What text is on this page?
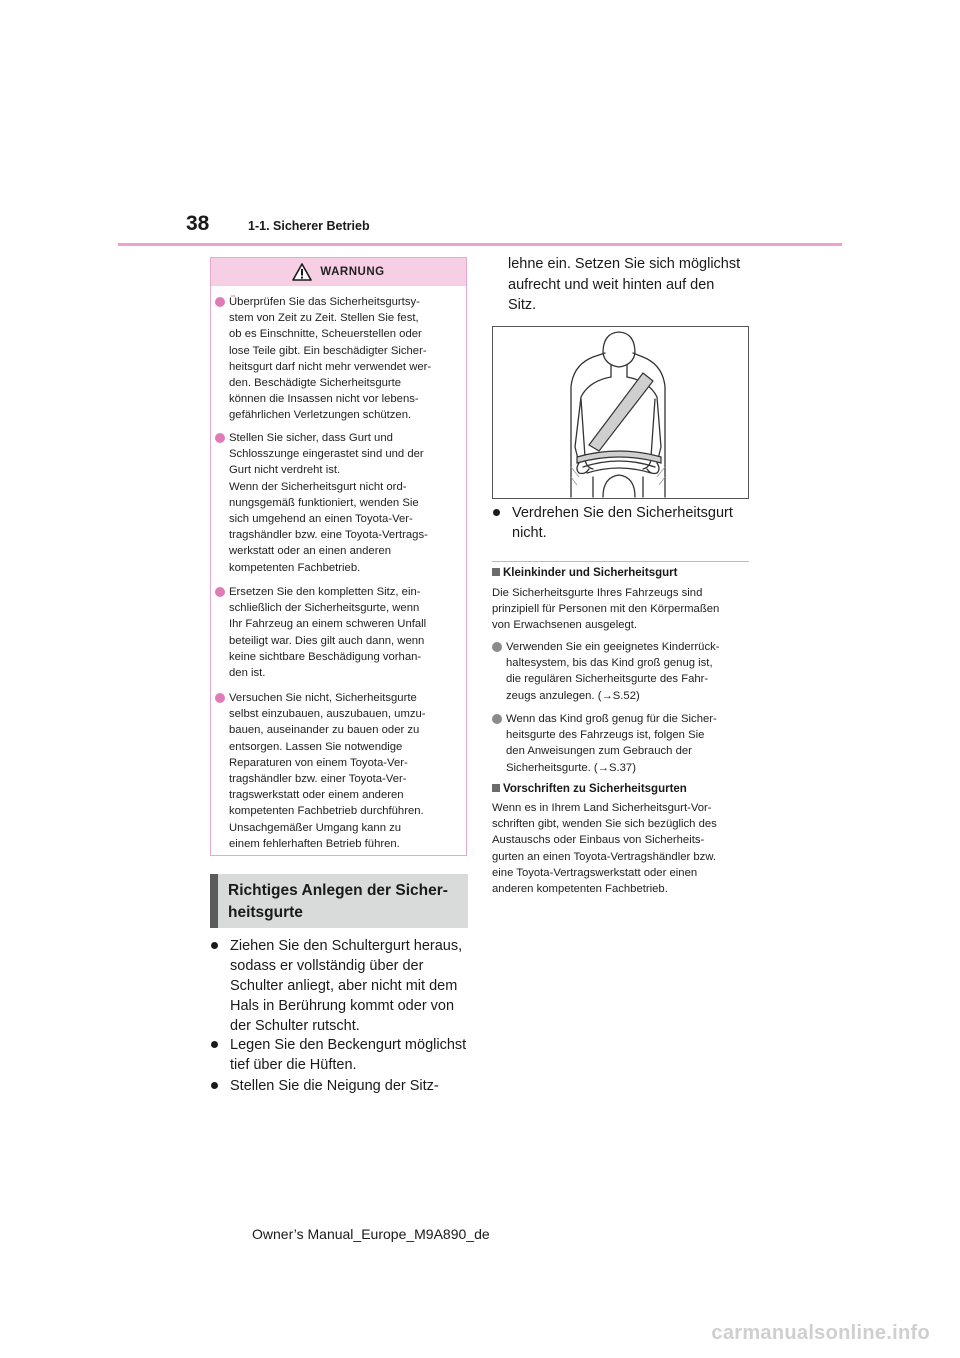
38	1-1. Sicherer Betrieb
WARNUNG

Überprüfen Sie das Sicherheitsgurtsy-
stem von Zeit zu Zeit. Stellen Sie fest,
ob es Einschnitte, Scheuerstellen oder
lose Teile gibt. Ein beschädigter Sicher-
heitsgurt darf nicht mehr verwendet wer-
den. Beschädigte Sicherheitsgurte
können die Insassen nicht vor lebens-
gefährlichen Verletzungen schützen.

Stellen Sie sicher, dass Gurt und
Schlosszunge eingerastet sind und der
Gurt nicht verdreht ist.
Wenn der Sicherheitsgurt nicht ord-
nungsgemäß funktioniert, wenden Sie
sich umgehend an einen Toyota-Ver-
tragshändler bzw. eine Toyota-Vertrags-
werkstatt oder an einen anderen
kompetenten Fachbetrieb.

Ersetzen Sie den kompletten Sitz, ein-
schließlich der Sicherheitsgurte, wenn
Ihr Fahrzeug an einem schweren Unfall
beteiligt war. Dies gilt auch dann, wenn
keine sichtbare Beschädigung vorhan-
den ist.

Versuchen Sie nicht, Sicherheitsgurte
selbst einzubauen, auszubauen, umzu-
bauen, auseinander zu bauen oder zu
entsorgen. Lassen Sie notwendige
Reparaturen von einem Toyota-Ver-
tragshändler bzw. einer Toyota-Ver-
tragswerkstatt oder einem anderen
kompetenten Fachbetrieb durchführen.
Unsachgemäßer Umgang kann zu
einem fehlerhaften Betrieb führen.

Richtiges Anlegen der Sicher-
heitsgurte

Ziehen Sie den Schultergurt heraus,
sodass er vollständig über der
Schulter anliegt, aber nicht mit dem
Hals in Berührung kommt oder von
der Schulter rutscht.

Legen Sie den Beckengurt möglichst
tief über die Hüften.

Stellen Sie die Neigung der Sitz-

lehne ein. Setzen Sie sich möglichst
aufrecht und weit hinten auf den
Sitz.

Verdrehen Sie den Sicherheitsgurt
nicht.

Kleinkinder und Sicherheitsgurt

Die Sicherheitsgurte Ihres Fahrzeugs sind
prinzipiell für Personen mit den Körpermaßen
von Erwachsenen ausgelegt.

Verwenden Sie ein geeignetes Kinderrück-
haltesystem, bis das Kind groß genug ist,
die regulären Sicherheitsgurte des Fahr-
zeugs anzulegen. (→S.52)

Wenn das Kind groß genug für die Sicher-
heitsgurte des Fahrzeugs ist, folgen Sie
den Anweisungen zum Gebrauch der
Sicherheitsgurte. (→S.37)

Vorschriften zu Sicherheitsgurten

Wenn es in Ihrem Land Sicherheitsgurt-Vor-
schriften gibt, wenden Sie sich bezüglich des
Austauschs oder Einbaus von Sicherheits-
gurten an einen Toyota-Vertragshändler bzw.
eine Toyota-Vertragswerkstatt oder einen
anderen kompetenten Fachbetrieb.

Owner’s Manual_Europe_M9A890_de
carmanualsonline.info
